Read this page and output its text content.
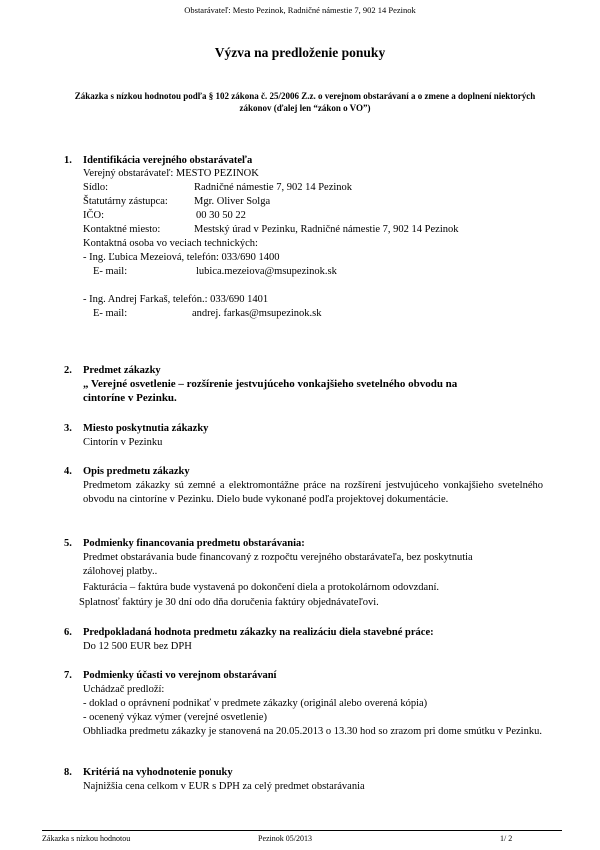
Obstarávateľ: Mesto Pezinok, Radničné námestie 7, 902 14 Pezinok
Výzva na predloženie ponuky
Zákazka s nízkou hodnotou podľa § 102 zákona č. 25/2006 Z.z. o verejnom obstarávaní a o zmene a doplnení niektorých zákonov (ďalej len “zákon o VO”)
1. Identifikácia verejného obstarávateľa
Verejný obstarávateľ: MESTO PEZINOK
Sídlo:	Radničné námestie 7, 902 14 Pezinok
Štatutárny zástupca: Mgr. Oliver Solga
IČO:	00 30 50 22
Kontaktné miesto:	Mestský úrad v Pezinku, Radničné námestie 7, 902 14 Pezinok
Kontaktná osoba vo veciach technických:
- Ing. Ľubica Mezeiová, telefón: 033/690 1400
E- mail:	lubica.mezeiova@msupezinok.sk
- Ing. Andrej Farkaš, telefón.: 033/690 1401
E- mail:	andrej. farkas@msupezinok.sk
2. Predmet zákazky
„ Verejné osvetlenie – rozšírenie jestvujúceho vonkajšieho svetelného obvodu na
cintoríne v Pezinku.
3. Miesto poskytnutia zákazky
Cintorín v Pezinku
4. Opis predmetu zákazky
Predmetom zákazky sú zemné a elektromontážne práce na rozšírení jestvujúceho vonkajšieho svetelného obvodu na cintoríne v Pezinku. Dielo bude vykonané podľa projektovej dokumentácie.
5. Podmienky financovania predmetu obstarávania:
Predmet obstarávania bude financovaný z rozpočtu verejného obstarávateľa, bez poskytnutia
zálohovej platby..
Fakturácia – faktúra bude vystavená po dokončení diela a protokolárnom odovzdaní.
Splatnosť faktúry je 30 dní odo dňa doručenia faktúry objednávateľovi.
6. Predpokladaná hodnota predmetu zákazky na realizáciu diela stavebné práce:
Do 12 500 EUR bez DPH
7. Podmienky účasti vo verejnom obstarávaní
Uchádzač predloží:
- doklad o oprávnení podnikať v predmete zákazky (originál alebo overená kópia)
- ocenený výkaz výmer (verejné osvetlenie)
Obhliadka predmetu zákazky je stanovená na 20.05.2013 o 13.30 hod so zrazom pri dome smútku v Pezinku.
8. Kritériá na vyhodnotenie ponuky
Najnižšia cena celkom v EUR s DPH za celý predmet obstarávania
Zákazka s nízkou hodnotou	Pezinok 05/2013	1/ 2
